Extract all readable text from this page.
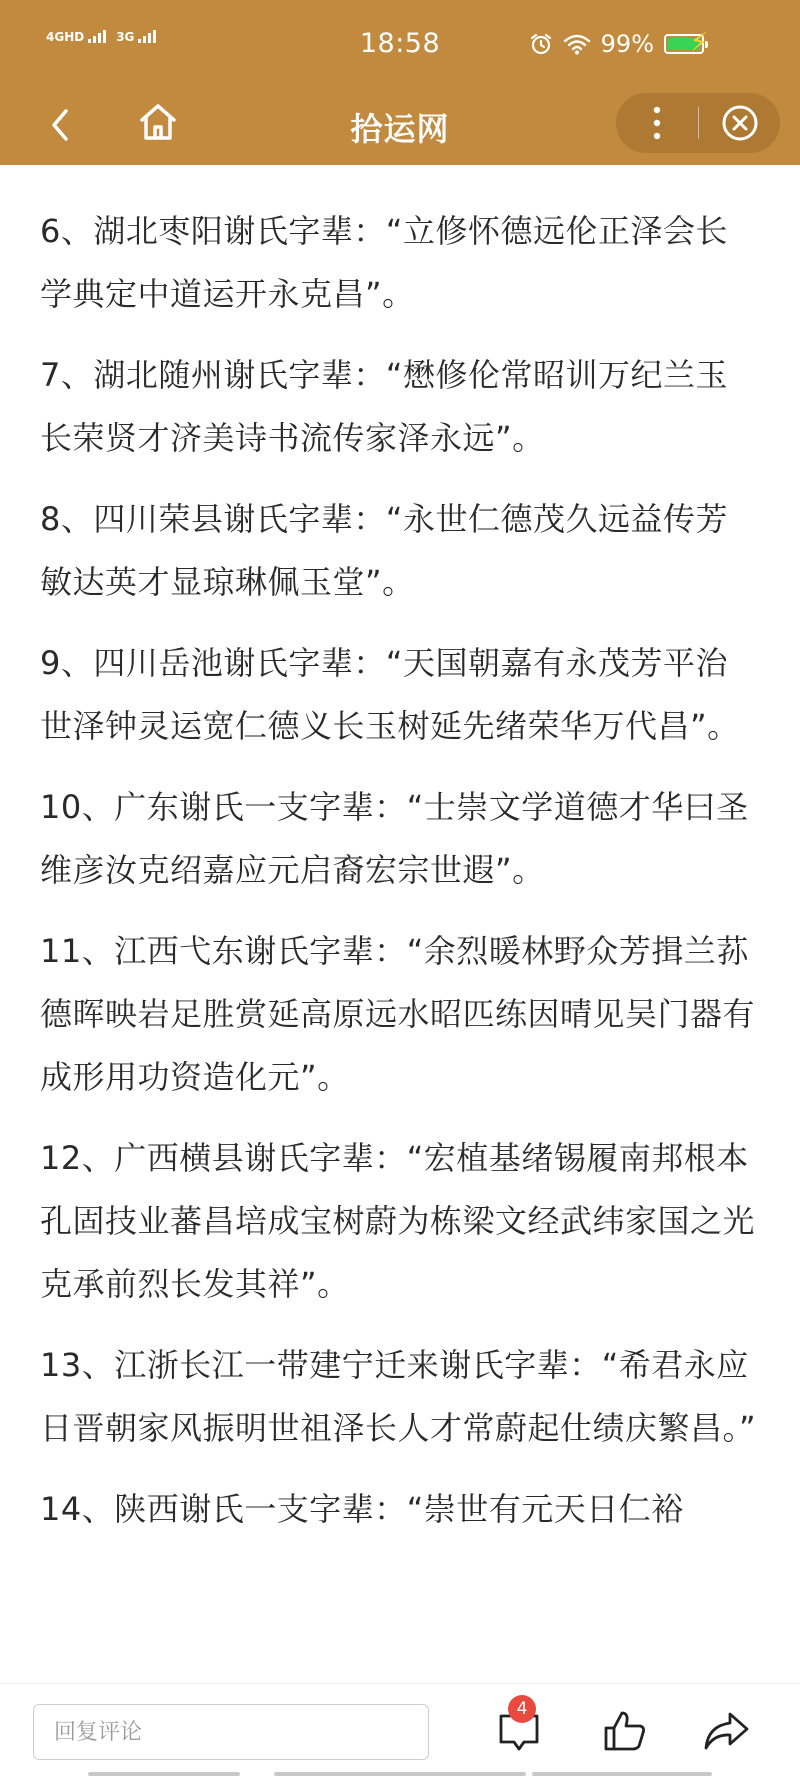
4GHD	3G	18:58	99% ⚡
拾运网

6、湖北枣阳谢氏字辈：“立修怀德远伦正泽会长学典定中道运开永克昌”。

7、湖北随州谢氏字辈：“懋修伦常昭训万纪兰玉长荣贤才济美诗书流传家泽永远”。

8、四川荣县谢氏字辈：“永世仁德茂久远益传芳敏达英才显琼琳佩玉堂”。

9、四川岳池谢氏字辈：“天国朝嘉有永茂芳平治世泽钟灵运宽仁德义长玉树延先绪荣华万代昌”。

10、广东谢氏一支字辈：“士崇文学道德才华曰圣维彦汝克绍嘉应元启裔宏宗世遐”。

11、江西弋东谢氏字辈：“余烈暖林野众芳揖兰荪德晖映岩足胜赏延高原远水昭匹练因晴见吴门器有成形用功资造化元”。

12、广西横县谢氏字辈：“宏植基绪锡履南邦根本孔固技业蕃昌培成宝树蔚为栋梁文经武纬家国之光克承前烈长发其祥”。

13、江浙长江一带建宁迁来谢氏字辈：“希君永应日晋朝家风振明世祖泽长人才常蔚起仕绩庆繁昌。”

14、陕西谢氏一支字辈：“崇世有元天日仁裕

回复评论
4
